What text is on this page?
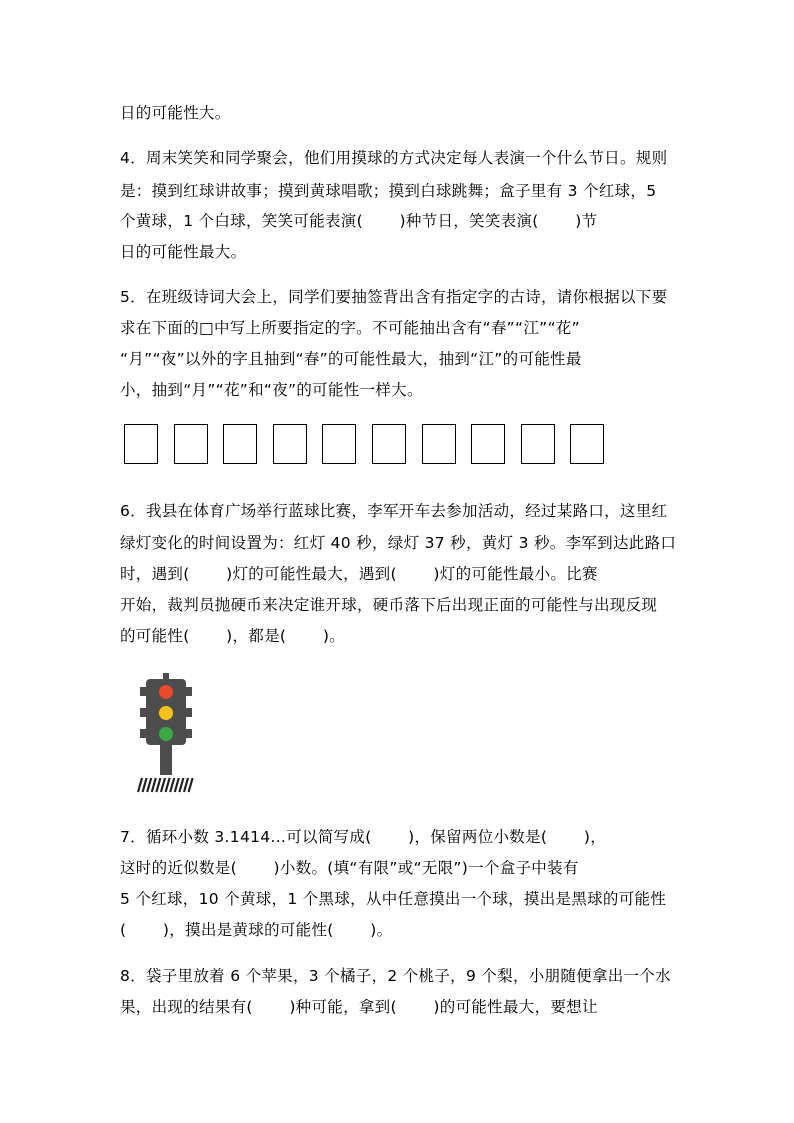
日的可能性大。
4．周末笑笑和同学聚会，他们用摸球的方式决定每人表演一个什么节日。规则
是：摸到红球讲故事；摸到黄球唱歌；摸到白球跳舞；盒子里有 3 个红球，5
个黄球，1 个白球，笑笑可能表演(       )种节日，笑笑表演(       )节
日的可能性最大。
5．在班级诗词大会上，同学们要抽签背出含有指定字的古诗，请你根据以下要
求在下面的□中写上所要指定的字。不可能抽出含有“春”“江”“花”
“月”“夜”以外的字且抽到“春”的可能性最大，抽到“江”的可能性最
小，抽到“月”“花”和“夜”的可能性一样大。
6．我县在体育广场举行蓝球比赛，李军开车去参加活动，经过某路口，这里红
绿灯变化的时间设置为：红灯 40 秒，绿灯 37 秒，黄灯 3 秒。李军到达此路口
时，遇到(       )灯的可能性最大，遇到(       )灯的可能性最小。比赛
开始，裁判员抛硬币来决定谁开球，硬币落下后出现正面的可能性与出现反现
的可能性(       )，都是(       )。
7．循环小数 3.1414…可以简写成(       )，保留两位小数是(       )，
这时的近似数是(       )小数。(填“有限”或“无限”)一个盒子中装有
5 个红球，10 个黄球，1 个黑球，从中任意摸出一个球，摸出是黑球的可能性
(       )，摸出是黄球的可能性(       )。
8．袋子里放着 6 个苹果，3 个橘子，2 个桃子，9 个梨，小朋随便拿出一个水
果，出现的结果有(       )种可能，拿到(       )的可能性最大，要想让
